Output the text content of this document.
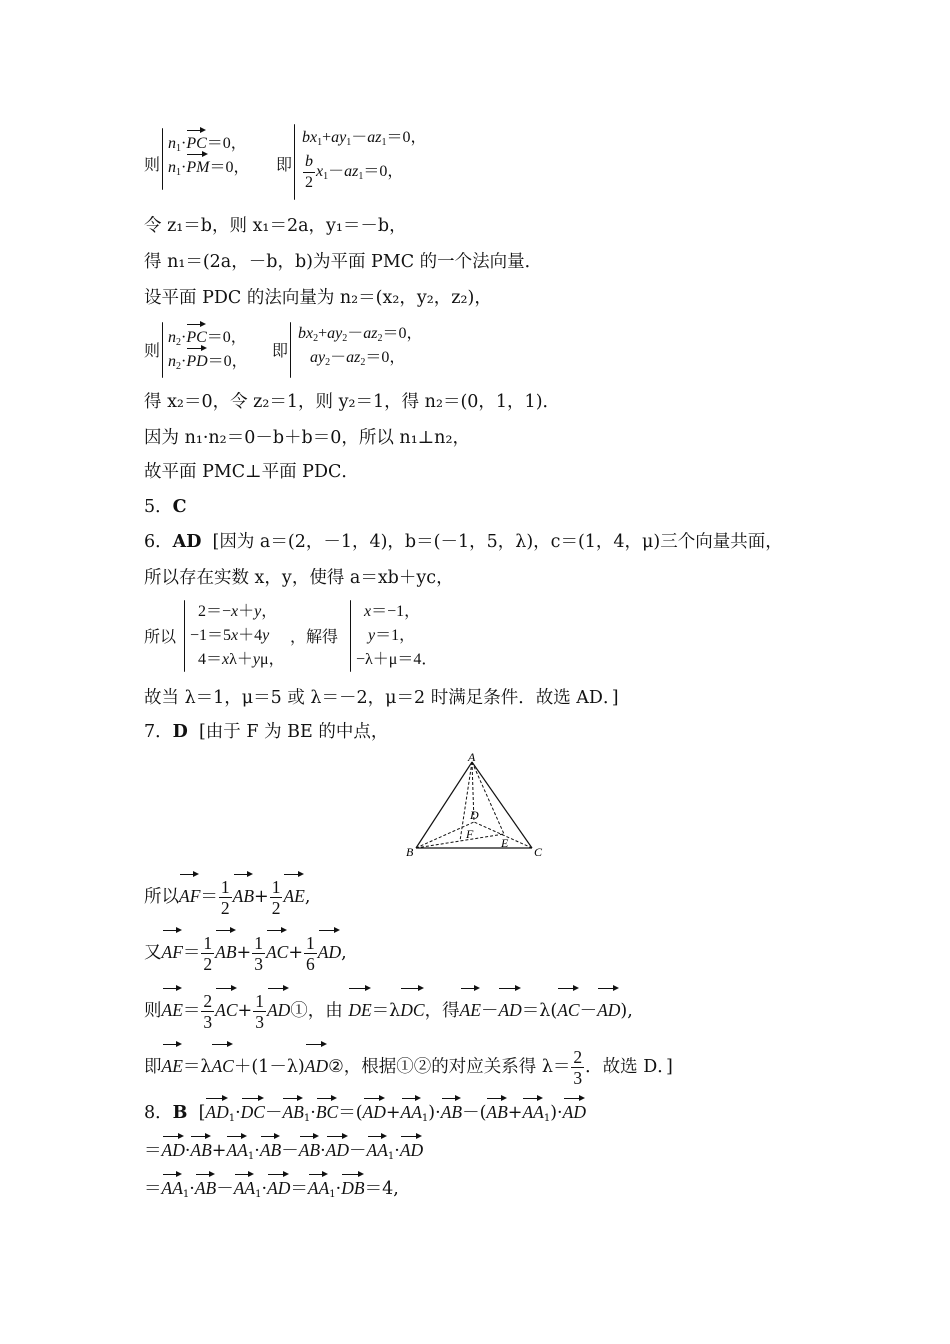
则
$n_1\cdot PC=0$，
$n_1\cdot PM=0$， 即
$bx_1+ay_1-az_1=0$，
$\frac{b}{2} x_1-az_1=0$，
令 z₁＝b，则 x₁＝2a，y₁＝－b，
得 n₁＝(2a，－b，b)为平面 PMC 的一个法向量．
设平面 PDC 的法向量为 n₂＝(x₂，y₂，z₂)，
则
$n_2\cdot PC=0$，
$n_2\cdot PD=0$，
即
$bx_2+ay_2-az_2=0$，
$ay_2-az_2=0$，
得 x₂＝0，令 z₂＝1，则 y₂＝1，得 n₂＝(0，1，1)．
因为 n₁·n₂＝0－b＋b＝0，所以 n₁⊥n₂，
故平面 PMC⊥平面 PDC．
5．C
6．AD [因为 a＝(2，－1，4)，b＝(－1，5，λ)，c＝(1，4，μ)三个向量共面，
所以存在实数 x，y，使得 a＝xb＋yc，
所以
2＝−x＋y，
−1＝5x＋4y
4＝xλ＋yμ，
，解得
x＝−1，
y＝1，
−λ＋μ＝4．
故当 λ＝1，μ＝5 或 λ＝－2，μ＝2 时满足条件．故选 AD．]
7．D [由于 F 为 BE 的中点，
A
D
F
E
B	C
所以$AF= \frac{1}{2} AB+ \frac{1}{2}$ AE,
又$AF= \frac{1}{2} AB+ \frac{1}{3} AC+ \frac{1}{6}$ AD,
则$AE= \frac{2}{3} AC+ \frac{1}{3}$ AD①，由 DE＝λDC，得AE－AD＝λ(AC－AD),
即AE＝λAC＋(1－λ)AD②，根据①②的对应关系得 $\lambda= \frac{2}{3}$ ．故选 D．]
8．B  [$AD_1\cdot DC-AB_1\cdot BC=(AD+AA_1)\cdot AB-(AB+AA_1)\cdot AD$
$=AD\cdot AB+AA_1\cdot AB-AB\cdot AD-AA_1\cdot AD$
$=AA_1\cdot AB-AA_1\cdot AD=AA_1\cdot DB=4$,
